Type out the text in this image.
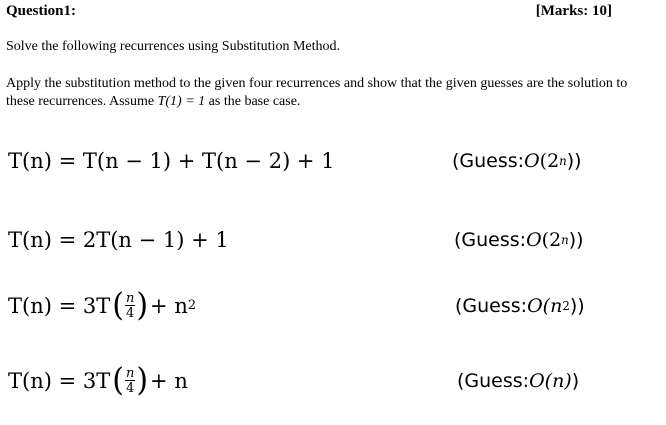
Question1:	[Marks: 10]
Solve the following recurrences using Substitution Method.
Apply the substitution method to the given four recurrences and show that the given guesses are the solution to these recurrences. Assume T(1) = 1 as the base case.
T(n) = T(n − 1) + T(n − 2) + 1	(Guess: O (2 n ))
T(n) = 2T(n − 1) + 1	(Guess: O (2 n ))
T(n) = 3T ( $\frac{n}{4}$ ) + n 2	(Guess: O (n 2 ))
T(n) = 3T ( $\frac{n}{4}$ ) + n	(Guess: O (n) )
